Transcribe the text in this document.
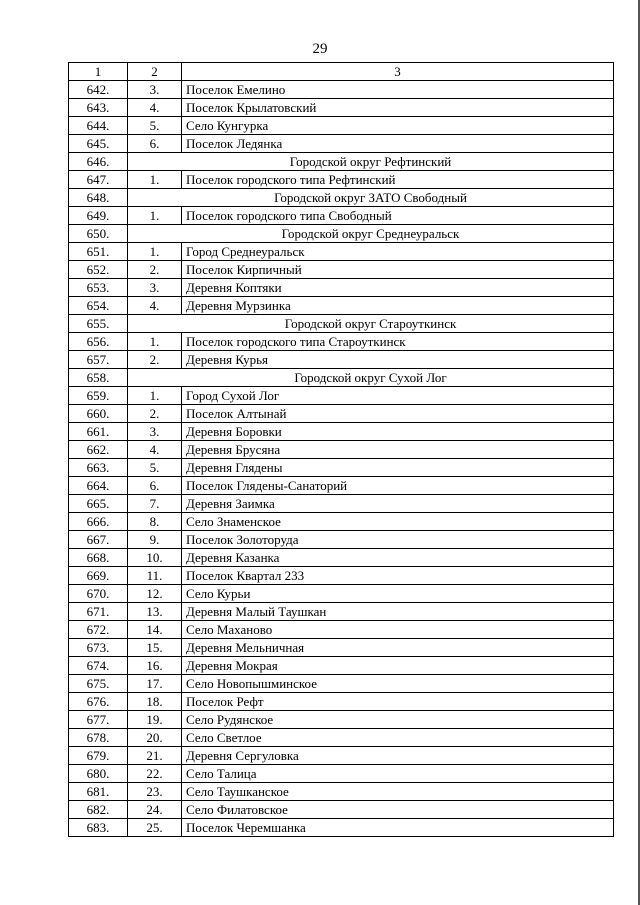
29
1	2	3
642.	3.	Поселок Емелино
643.	4.	Поселок Крылатовский
644.	5.	Село Кунгурка
645.	6.	Поселок Ледянка
646.	Городской округ Рефтинский	
647.	1.	Поселок городского типа Рефтинский
648.	Городской округ ЗАТО Свободный	
649.	1.	Поселок городского типа Свободный
650.	Городской округ Среднеуральск	
651.	1.	Город Среднеуральск
652.	2.	Поселок Кирпичный
653.	3.	Деревня Коптяки
654.	4.	Деревня Мурзинка
655.	Городской округ Староуткинск	
656.	1.	Поселок городского типа Староуткинск
657.	2.	Деревня Курья
658.	Городской округ Сухой Лог	
659.	1.	Город Сухой Лог
660.	2.	Поселок Алтынай
661.	3.	Деревня Боровки
662.	4.	Деревня Брусяна
663.	5.	Деревня Глядены
664.	6.	Поселок Глядены-Санаторий
665.	7.	Деревня Заимка
666.	8.	Село Знаменское
667.	9.	Поселок Золоторуда
668.	10.	Деревня Казанка
669.	11.	Поселок Квартал 233
670.	12.	Село Курьи
671.	13.	Деревня Малый Таушкан
672.	14.	Село Маханово
673.	15.	Деревня Мельничная
674.	16.	Деревня Мокрая
675.	17.	Село Новопышминское
676.	18.	Поселок Рефт
677.	19.	Село Рудянское
678.	20.	Село Светлое
679.	21.	Деревня Сергуловка
680.	22.	Село Талица
681.	23.	Село Таушканское
682.	24.	Село Филатовское
683.	25.	Поселок Черемшанка
